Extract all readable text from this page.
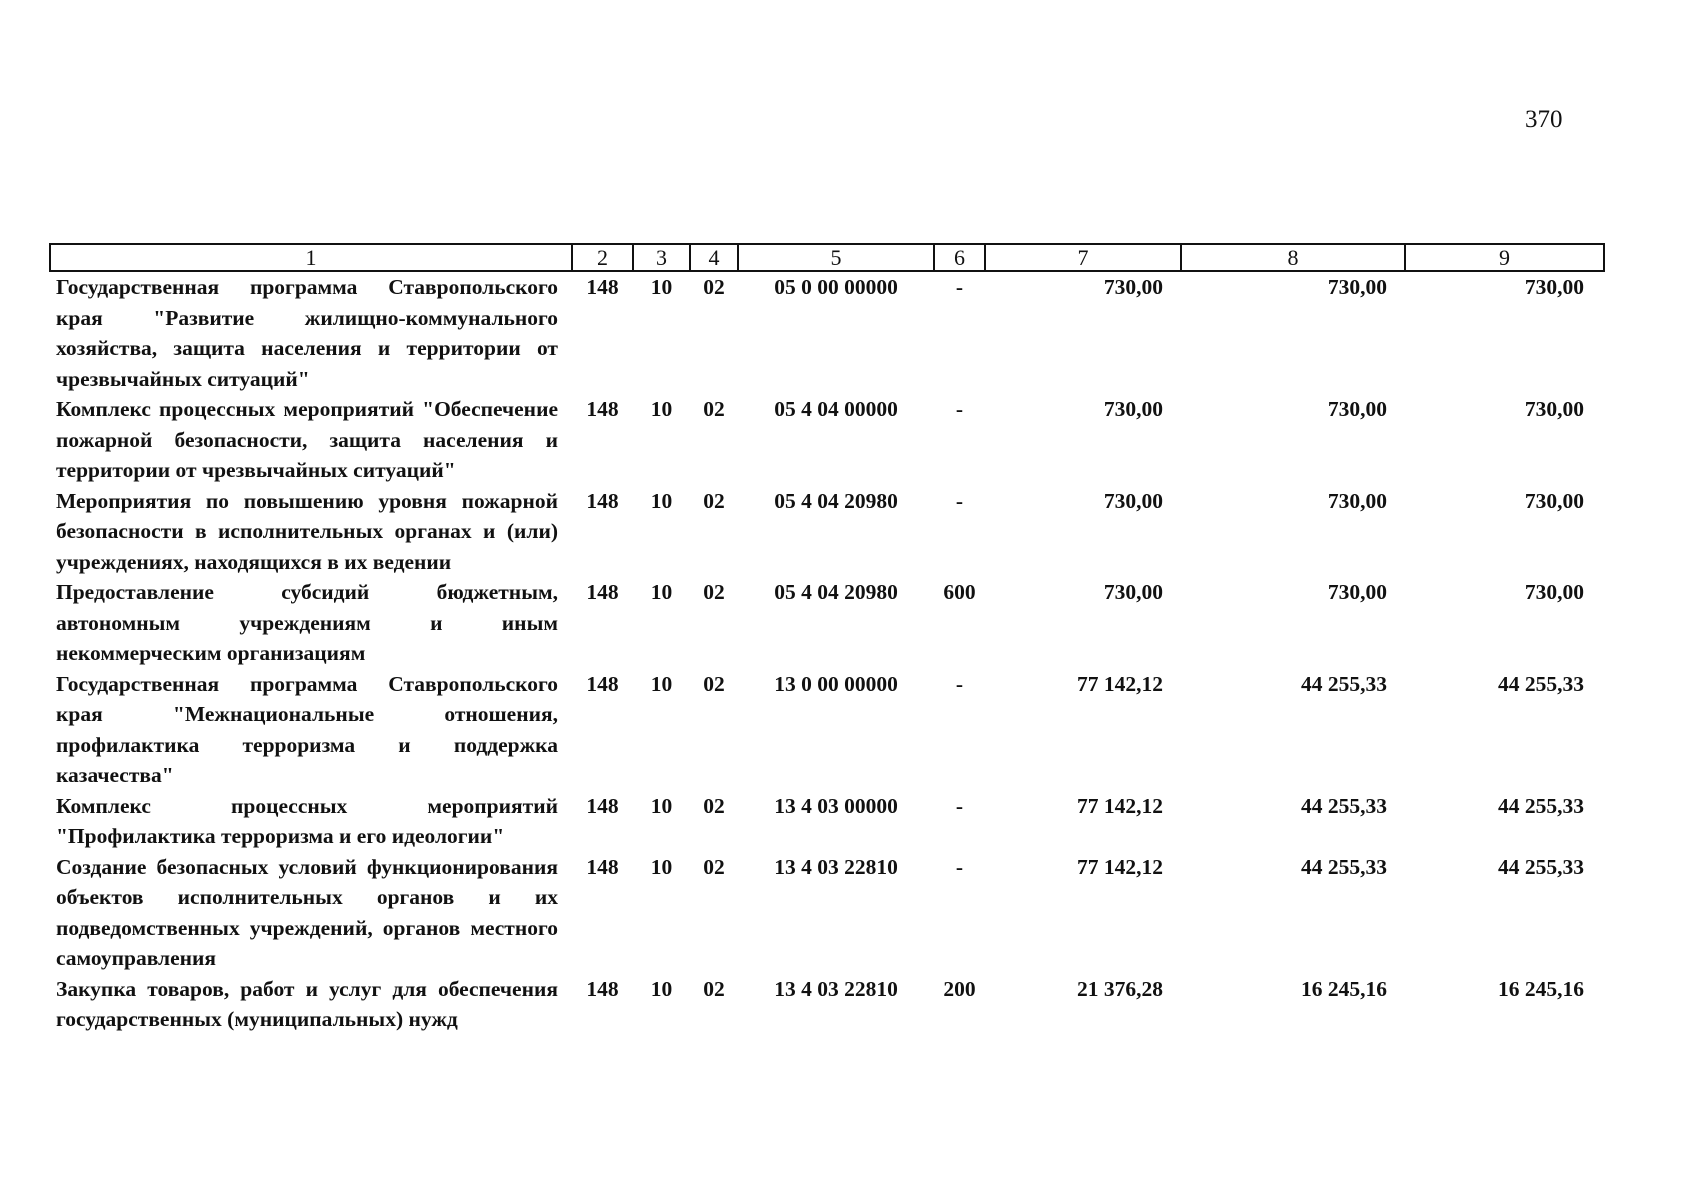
370
1	2	3	4	5	6	7	8	9
Государственная программа Ставропольского края "Развитие жилищно-коммунального хозяйства, защита населения и территории от чрезвычайных ситуаций"	148	10	02	05 0 00 00000	-	730,00	730,00	730,00
Комплекс процессных мероприятий "Обеспечение пожарной безопасности, защита населения и территории от чрезвычайных ситуаций"	148	10	02	05 4 04 00000	-	730,00	730,00	730,00
Мероприятия по повышению уровня пожарной безопасности в исполнительных органах и (или) учреждениях, находящихся в их ведении	148	10	02	05 4 04 20980	-	730,00	730,00	730,00
Предоставление субсидий бюджетным, автономным учреждениям и иным некоммерческим организациям	148	10	02	05 4 04 20980	600	730,00	730,00	730,00
Государственная программа Ставропольского края "Межнациональные отношения, профилактика терроризма и поддержка казачества"	148	10	02	13 0 00 00000	-	77 142,12	44 255,33	44 255,33
Комплекс процессных мероприятий "Профилактика терроризма и его идеологии"	148	10	02	13 4 03 00000	-	77 142,12	44 255,33	44 255,33
Создание безопасных условий функционирования объектов исполнительных органов и их подведомственных учреждений, органов местного самоуправления	148	10	02	13 4 03 22810	-	77 142,12	44 255,33	44 255,33
Закупка товаров, работ и услуг для обеспечения государственных (муниципальных) нужд	148	10	02	13 4 03 22810	200	21 376,28	16 245,16	16 245,16
